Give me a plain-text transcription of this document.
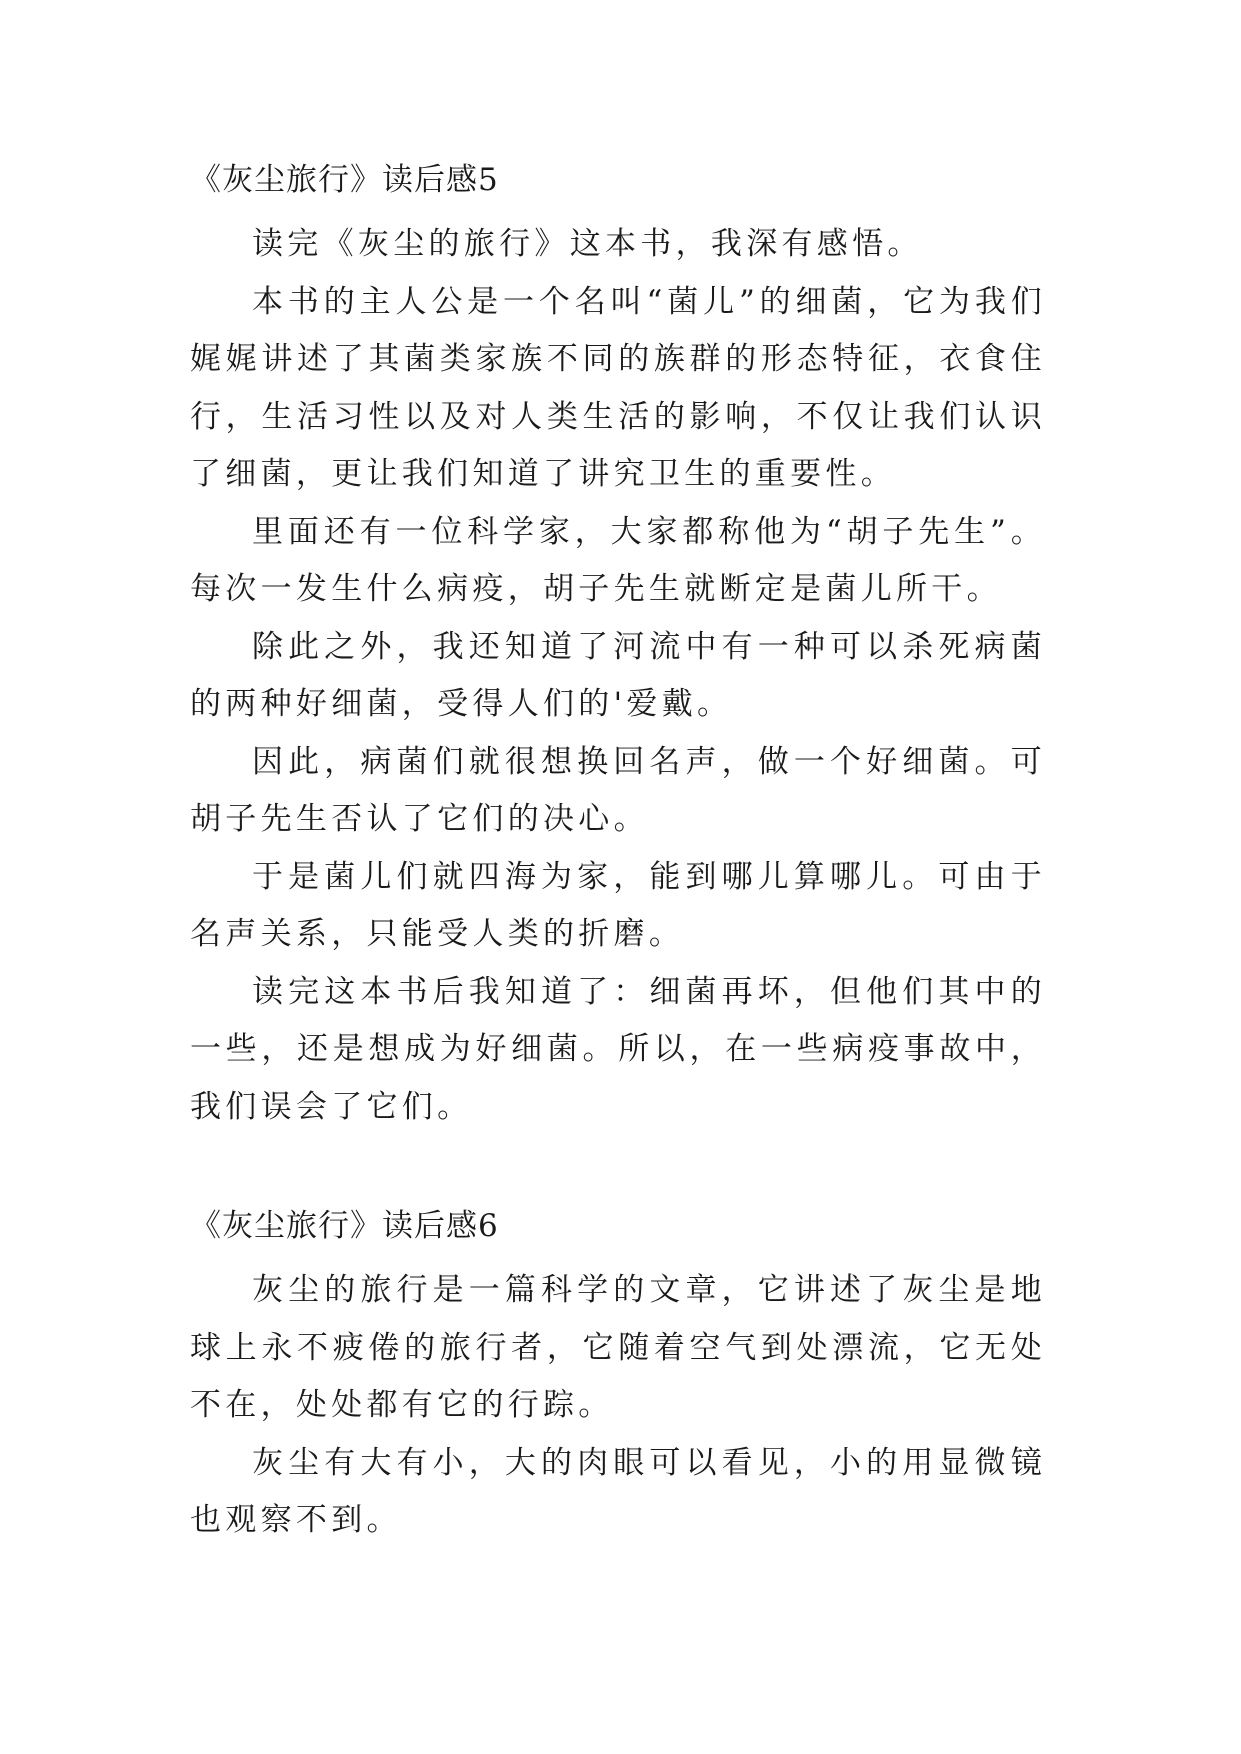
《灰尘旅行》读后感5

读完《灰尘的旅行》这本书，我深有感悟。

本书的主人公是一个名叫“菌儿”的细菌，它为我们娓娓讲述了其菌类家族不同的族群的形态特征，衣食住行，生活习性以及对人类生活的影响，不仅让我们认识了细菌，更让我们知道了讲究卫生的重要性。

里面还有一位科学家，大家都称他为“胡子先生”。每次一发生什么病疫，胡子先生就断定是菌儿所干。

除此之外，我还知道了河流中有一种可以杀死病菌的两种好细菌，受得人们的'爱戴。

因此，病菌们就很想换回名声，做一个好细菌。可胡子先生否认了它们的决心。

于是菌儿们就四海为家，能到哪儿算哪儿。可由于名声关系，只能受人类的折磨。

读完这本书后我知道了：细菌再坏，但他们其中的一些，还是想成为好细菌。所以，在一些病疫事故中，我们误会了它们。

《灰尘旅行》读后感6

灰尘的旅行是一篇科学的文章，它讲述了灰尘是地球上永不疲倦的旅行者，它随着空气到处漂流，它无处不在，处处都有它的行踪。

灰尘有大有小，大的肉眼可以看见，小的用显微镜也观察不到。
